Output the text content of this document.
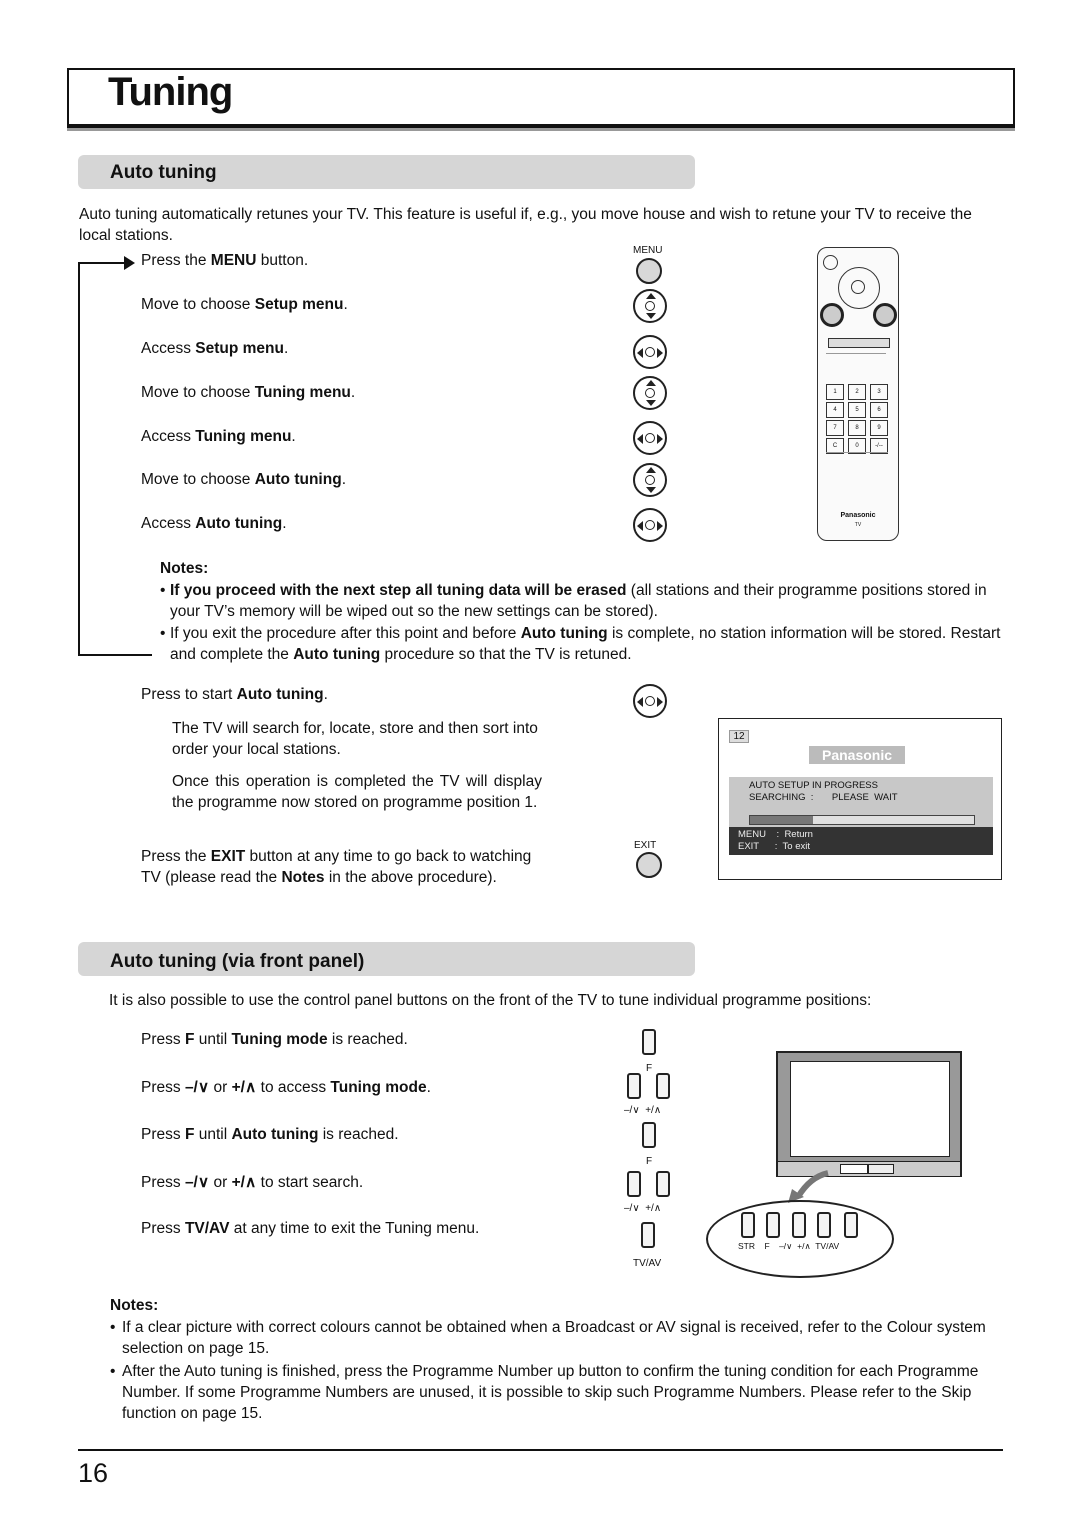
Tuning
Auto tuning
Auto tuning automatically retunes your TV. This feature is useful if, e.g., you move house and wish to retune your TV to receive the local stations.
Press the MENU button.
Move to choose Setup menu.
Access Setup menu.
Move to choose Tuning menu.
Access Tuning menu.
Move to choose Auto tuning.
Access Auto tuning.
MENU
1	2	3
4	5	6
7	8	9
C	0	-/--
Panasonic
TV
Notes:
• If you proceed with the next step all tuning data will be erased (all stations and their programme positions stored in your TV’s memory will be wiped out so the new settings can be stored).
• If you exit the procedure after this point and before Auto tuning is complete, no station information will be stored. Restart and complete the Auto tuning procedure so that the TV is retuned.
Press to start Auto tuning.
The TV will search for, locate, store and then sort into order your local stations.
Once this operation is completed the TV will display the programme now stored on programme position 1.
Press the EXIT button at any time to go back to watching TV (please read the Notes in the above procedure).
EXIT
12
Panasonic
AUTO SETUP IN PROGRESS
SEARCHING  :       PLEASE  WAIT
MENU    :  Return
EXIT      :  To exit
Auto tuning (via front panel)
It is also possible to use the control panel buttons on the front of the TV to tune individual programme positions:
Press F until Tuning mode is reached.
Press –/∨ or +/∧ to access Tuning mode.
Press F until Auto tuning is reached.
Press –/∨ or +/∧ to start search.
Press TV/AV at any time to exit the Tuning menu.
F
–/∨  +/∧
F
–/∨  +/∧
TV/AV
STR    F    –/∨  +/∧  TV/AV
Notes:
• If a clear picture with correct colours cannot be obtained when a Broadcast or AV signal is received, refer to the Colour system selection on page 15.
• After the Auto tuning is finished, press the Programme Number up button to confirm the tuning condition for each Programme Number. If some Programme Numbers are unused, it is possible to skip such Programme Numbers. Please refer to the Skip function on page 15.
16
